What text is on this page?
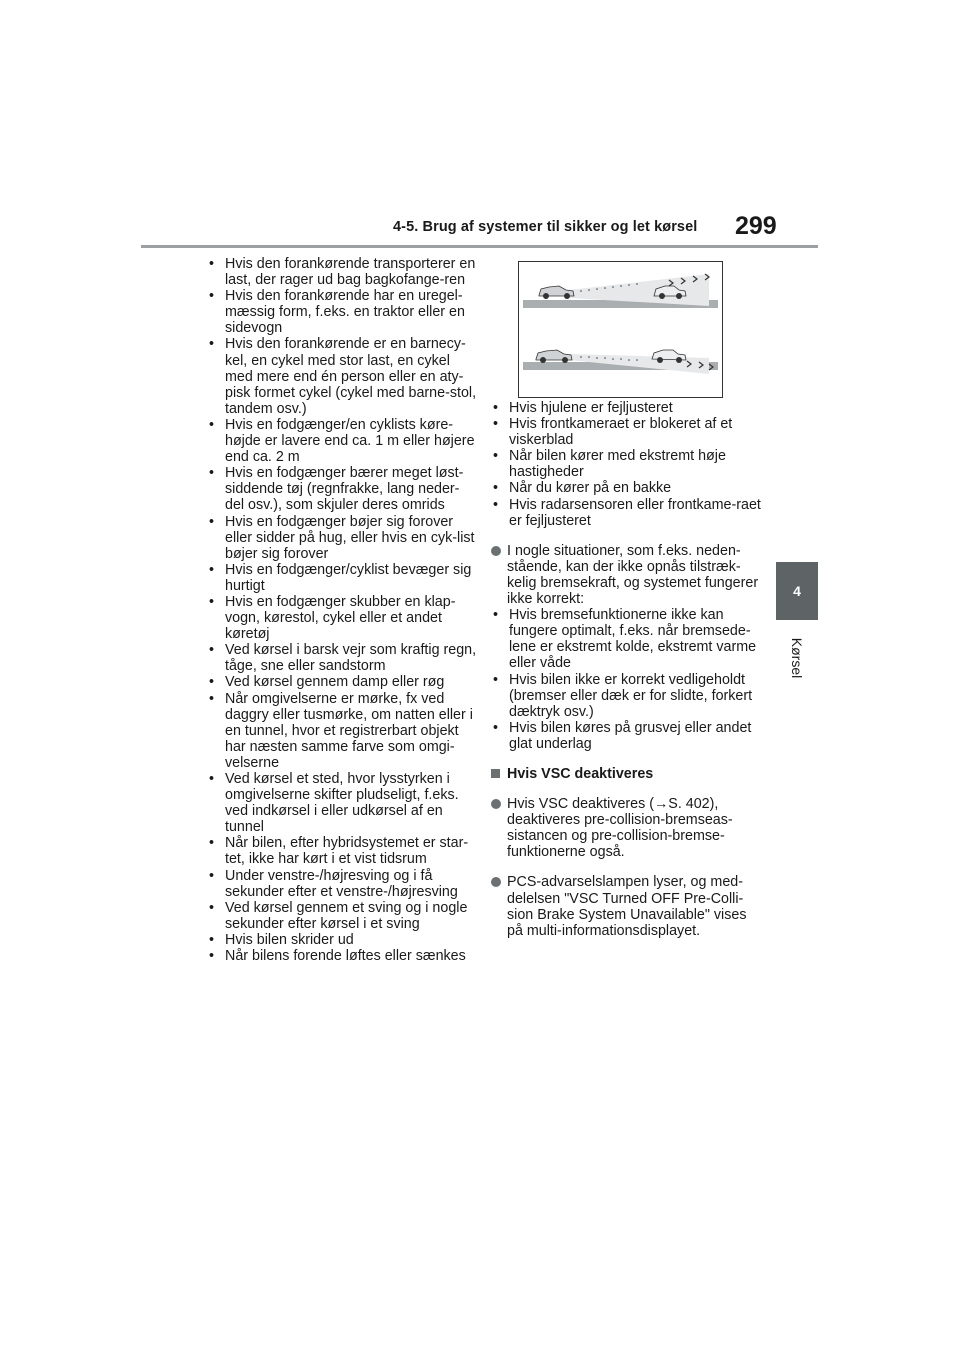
4-5. Brug af systemer til sikker og let kørsel 299
4
Kørsel
• Hvis den forankørende transporterer en last, der rager ud bag bagkofange-ren
• Hvis den forankørende har en uregel-mæssig form, f.eks. en traktor eller en sidevogn
• Hvis den forankørende er en barnecy-kel, en cykel med stor last, en cykel med mere end én person eller en aty-pisk formet cykel (cykel med barne-stol, tandem osv.)
• Hvis en fodgænger/en cyklists køre-højde er lavere end ca. 1 m eller højere end ca. 2 m
• Hvis en fodgænger bærer meget løst-siddende tøj (regnfrakke, lang neder-del osv.), som skjuler deres omrids
• Hvis en fodgænger bøjer sig forover eller sidder på hug, eller hvis en cyk-list bøjer sig forover
• Hvis en fodgænger/cyklist bevæger sig hurtigt
• Hvis en fodgænger skubber en klap-vogn, kørestol, cykel eller et andet køretøj
• Ved kørsel i barsk vejr som kraftig regn, tåge, sne eller sandstorm
• Ved kørsel gennem damp eller røg
• Når omgivelserne er mørke, fx ved daggry eller tusmørke, om natten eller i en tunnel, hvor et registrerbart objekt har næsten samme farve som omgi-velserne
• Ved kørsel et sted, hvor lysstyrken i omgivelserne skifter pludseligt, f.eks. ved indkørsel i eller udkørsel af en tunnel
• Når bilen, efter hybridsystemet er star-tet, ikke har kørt i et vist tidsrum
• Under venstre-/højresving og i få sekunder efter et venstre-/højresving
• Ved kørsel gennem et sving og i nogle sekunder efter kørsel i et sving
• Hvis bilen skrider ud
• Når bilens forende løftes eller sænkes
• Hvis hjulene er fejljusteret
• Hvis frontkameraet er blokeret af et viskerblad
• Når bilen kører med ekstremt høje hastigheder
• Når du kører på en bakke
• Hvis radarsensoren eller frontkame-raet er fejljusteret

I nogle situationer, som f.eks. neden-stående, kan der ikke opnås tilstræk-kelig bremsekraft, og systemet fungerer ikke korrekt:

• Hvis bremsefunktionerne ikke kan fungere optimalt, f.eks. når bremsede-lene er ekstremt kolde, ekstremt varme eller våde
• Hvis bilen ikke er korrekt vedligeholdt (bremser eller dæk er for slidte, forkert dæktryk osv.)
• Hvis bilen køres på grusvej eller andet glat underlag

Hvis VSC deaktiveres

Hvis VSC deaktiveres (→S. 402), deaktiveres pre-collision-bremseas-sistancen og pre-collision-bremse-funktionerne også.

PCS-advarselslampen lyser, og med-delelsen "VSC Turned OFF Pre-Colli-sion Brake System Unavailable" vises på multi-informationsdisplayet.
